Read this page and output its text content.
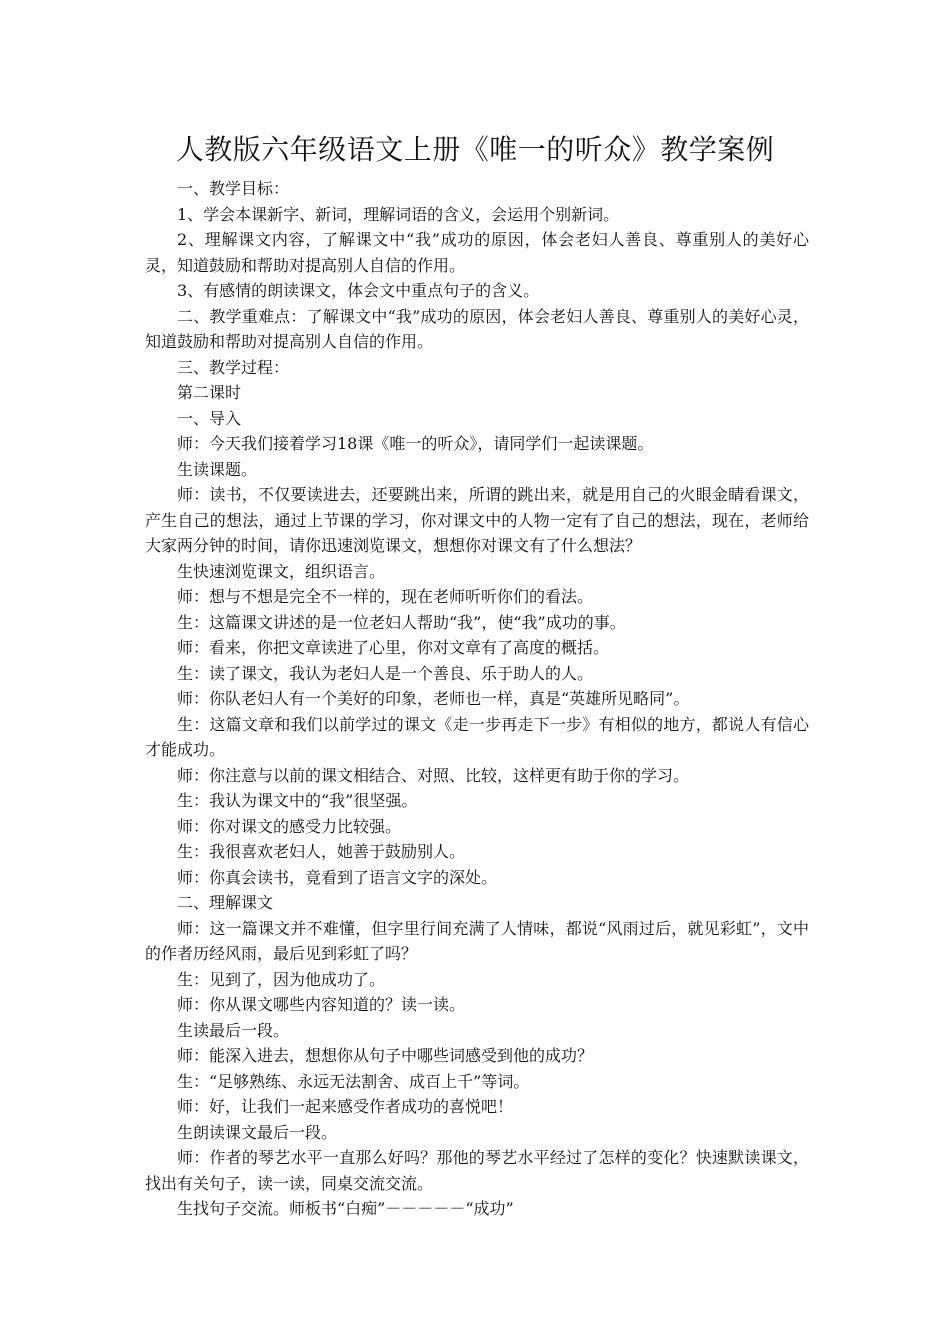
人教版六年级语文上册《唯一的听众》教学案例

一、教学目标：

1、学会本课新字、新词，理解词语的含义，会运用个别新词。

2、理解课文内容，了解课文中“我”成功的原因，体会老妇人善良、尊重别人的美好心灵，知道鼓励和帮助对提高别人自信的作用。

3、有感情的朗读课文，体会文中重点句子的含义。

二、教学重难点：了解课文中“我”成功的原因，体会老妇人善良、尊重别人的美好心灵，知道鼓励和帮助对提高别人自信的作用。

三、教学过程：

第二课时

一、导入

师：今天我们接着学习18课《唯一的听众》，请同学们一起读课题。

生读课题。

师：读书，不仅要读进去，还要跳出来，所谓的跳出来，就是用自己的火眼金睛看课文，产生自己的想法，通过上节课的学习，你对课文中的人物一定有了自己的想法，现在，老师给大家两分钟的时间，请你迅速浏览课文，想想你对课文有了什么想法？

生快速浏览课文，组织语言。

师：想与不想是完全不一样的，现在老师听听你们的看法。

生：这篇课文讲述的是一位老妇人帮助“我”，使“我”成功的事。

师：看来，你把文章读进了心里，你对文章有了高度的概括。

生：读了课文，我认为老妇人是一个善良、乐于助人的人。

师：你队老妇人有一个美好的印象，老师也一样，真是“英雄所见略同”。

生：这篇文章和我们以前学过的课文《走一步再走下一步》有相似的地方，都说人有信心才能成功。

师：你注意与以前的课文相结合、对照、比较，这样更有助于你的学习。

生：我认为课文中的“我”很坚强。

师：你对课文的感受力比较强。

生：我很喜欢老妇人，她善于鼓励别人。

师：你真会读书，竟看到了语言文字的深处。

二、理解课文

师：这一篇课文并不难懂，但字里行间充满了人情味，都说“风雨过后，就见彩虹”，文中的作者历经风雨，最后见到彩虹了吗？

生：见到了，因为他成功了。

师：你从课文哪些内容知道的？读一读。

生读最后一段。

师：能深入进去，想想你从句子中哪些词感受到他的成功？

生：“足够熟练、永远无法割舍、成百上千”等词。

师：好，让我们一起来感受作者成功的喜悦吧！

生朗读课文最后一段。

师：作者的琴艺水平一直那么好吗？那他的琴艺水平经过了怎样的变化？快速默读课文，找出有关句子，读一读，同桌交流交流。

生找句子交流。师板书“白痴”－－－－－“成功”
